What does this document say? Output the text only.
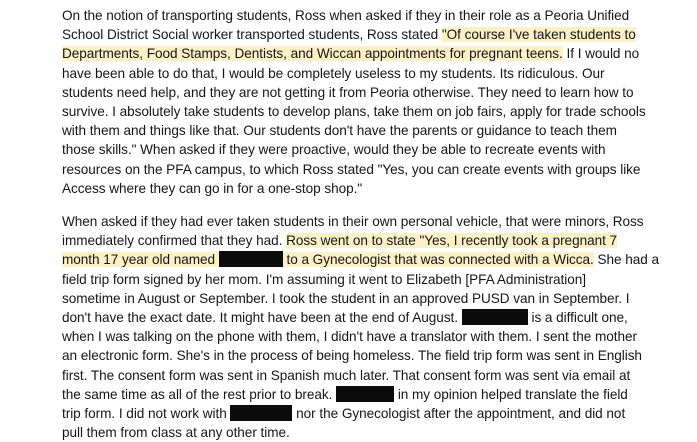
On the notion of transporting students, Ross when asked if they in their role as a Peoria Unified
School District Social worker transported students, Ross stated "Of course I've taken students to
Departments, Food Stamps, Dentists, and Wiccan appointments for pregnant teens. If I would no
have been able to do that, I would be completely useless to my students. Its ridiculous. Our
students need help, and they are not getting it from Peoria otherwise. They need to learn how to
survive. I absolutely take students to develop plans, take them on job fairs, apply for trade schools
with them and things like that. Our students don't have the parents or guidance to teach them
those skills." When asked if they were proactive, would they be able to recreate events with
resources on the PFA campus, to which Ross stated "Yes, you can create events with groups like
Access where they can go in for a one-stop shop."

When asked if they had ever taken students in their own personal vehicle, that were minors, Ross
immediately confirmed that they had. Ross went on to state "Yes, I recently took a pregnant 7
month 17 year old named	to a Gynecologist that was connected with a Wicca. She had a
field trip form signed by her mom. I'm assuming it went to Elizabeth [PFA Administration]
sometime in August or September. I took the student in an approved PUSD van in September. I
don't have the exact date. It might have been at the end of August.	is a difficult one,
when I was talking on the phone with them, I didn't have a translator with them. I sent the mother
an electronic form. She's in the process of being homeless. The field trip form was sent in English
first. The consent form was sent in Spanish much later. That consent form was sent via email at
the same time as all of the rest prior to break.	in my opinion helped translate the field
trip form. I did not work with	nor the Gynecologist after the appointment, and did not
pull them from class at any other time.
